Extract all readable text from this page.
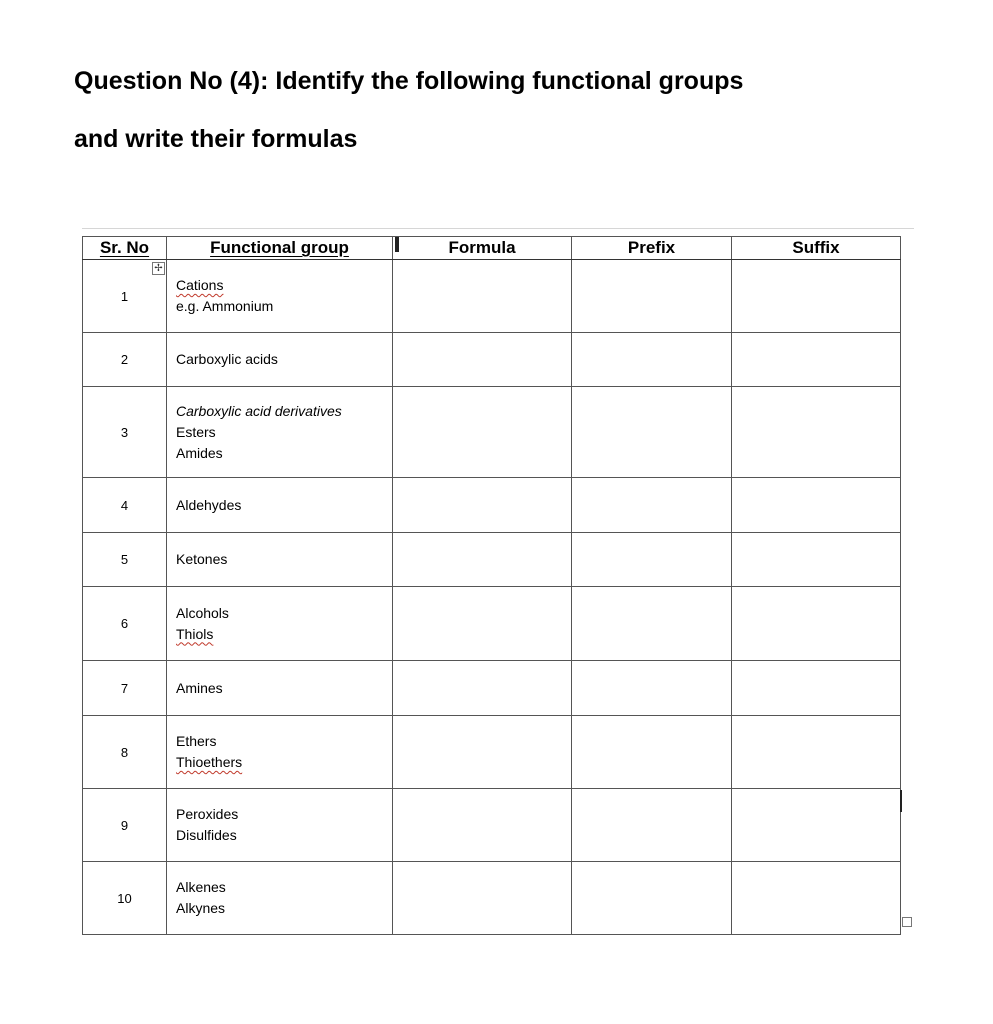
Question No (4): Identify the following functional groups
and write their formulas
Sr. No	Functional group	Formula	Prefix	Suffix
1	Cations
e.g. Ammonium			

2	Carboxylic acids			

3	Carboxylic acid derivatives
Esters
Amides			

4	Aldehydes			

5	Ketones			

6	Alcohols
Thiols			

7	Amines			

8	Ethers
Thioethers			

9	Peroxides
Disulfides			

10	Alkenes
Alkynes			

✢
